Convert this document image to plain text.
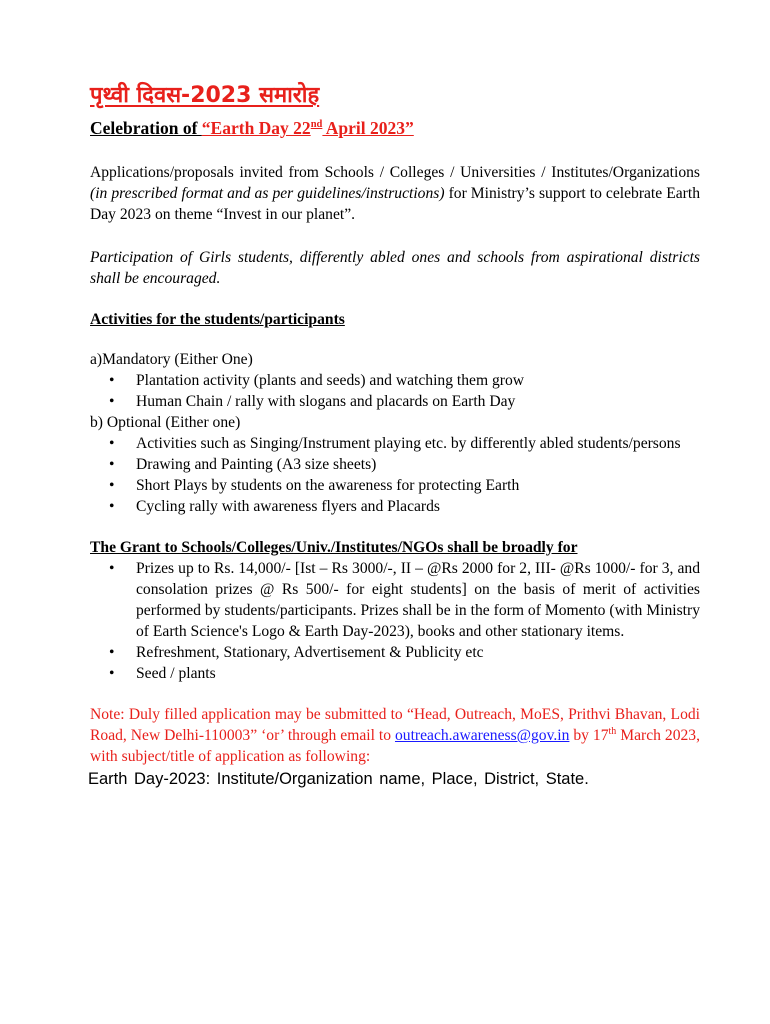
पृथ्वी दिवस-2023 समारोह
Celebration of “Earth Day 22nd April 2023”

Applications/proposals invited from Schools / Colleges / Universities / Institutes/Organizations (in prescribed format and as per guidelines/instructions) for Ministry’s support to celebrate Earth Day 2023 on theme “Invest in our planet”.

Participation of Girls students, differently abled ones and schools from aspirational districts shall be encouraged.

Activities for the students/participants
a)Mandatory (Either One)
• Plantation activity (plants and seeds) and watching them grow
• Human Chain / rally with slogans and placards on Earth Day
b) Optional (Either one)
• Activities such as Singing/Instrument playing etc. by differently abled students/persons
• Drawing and Painting (A3 size sheets)
• Short Plays by students on the awareness for protecting Earth
• Cycling rally with awareness flyers and Placards
The Grant to Schools/Colleges/Univ./Institutes/NGOs shall be broadly for
• Prizes up to Rs. 14,000/- [Ist – Rs 3000/-, II – @Rs 2000 for 2, III- @Rs 1000/- for 3, and consolation prizes @ Rs 500/- for eight students] on the basis of merit of activities performed by students/participants. Prizes shall be in the form of Momento (with Ministry of Earth Science's Logo & Earth Day-2023), books and other stationary items.
• Refreshment, Stationary, Advertisement & Publicity etc
• Seed / plants

Note: Duly filled application may be submitted to “Head, Outreach, MoES, Prithvi Bhavan, Lodi Road, New Delhi-110003” ‘or’ through email to outreach.awareness@gov.in by 17th March 2023, with subject/title of application as following:

Earth Day-2023: Institute/Organization name, Place, District, State.
